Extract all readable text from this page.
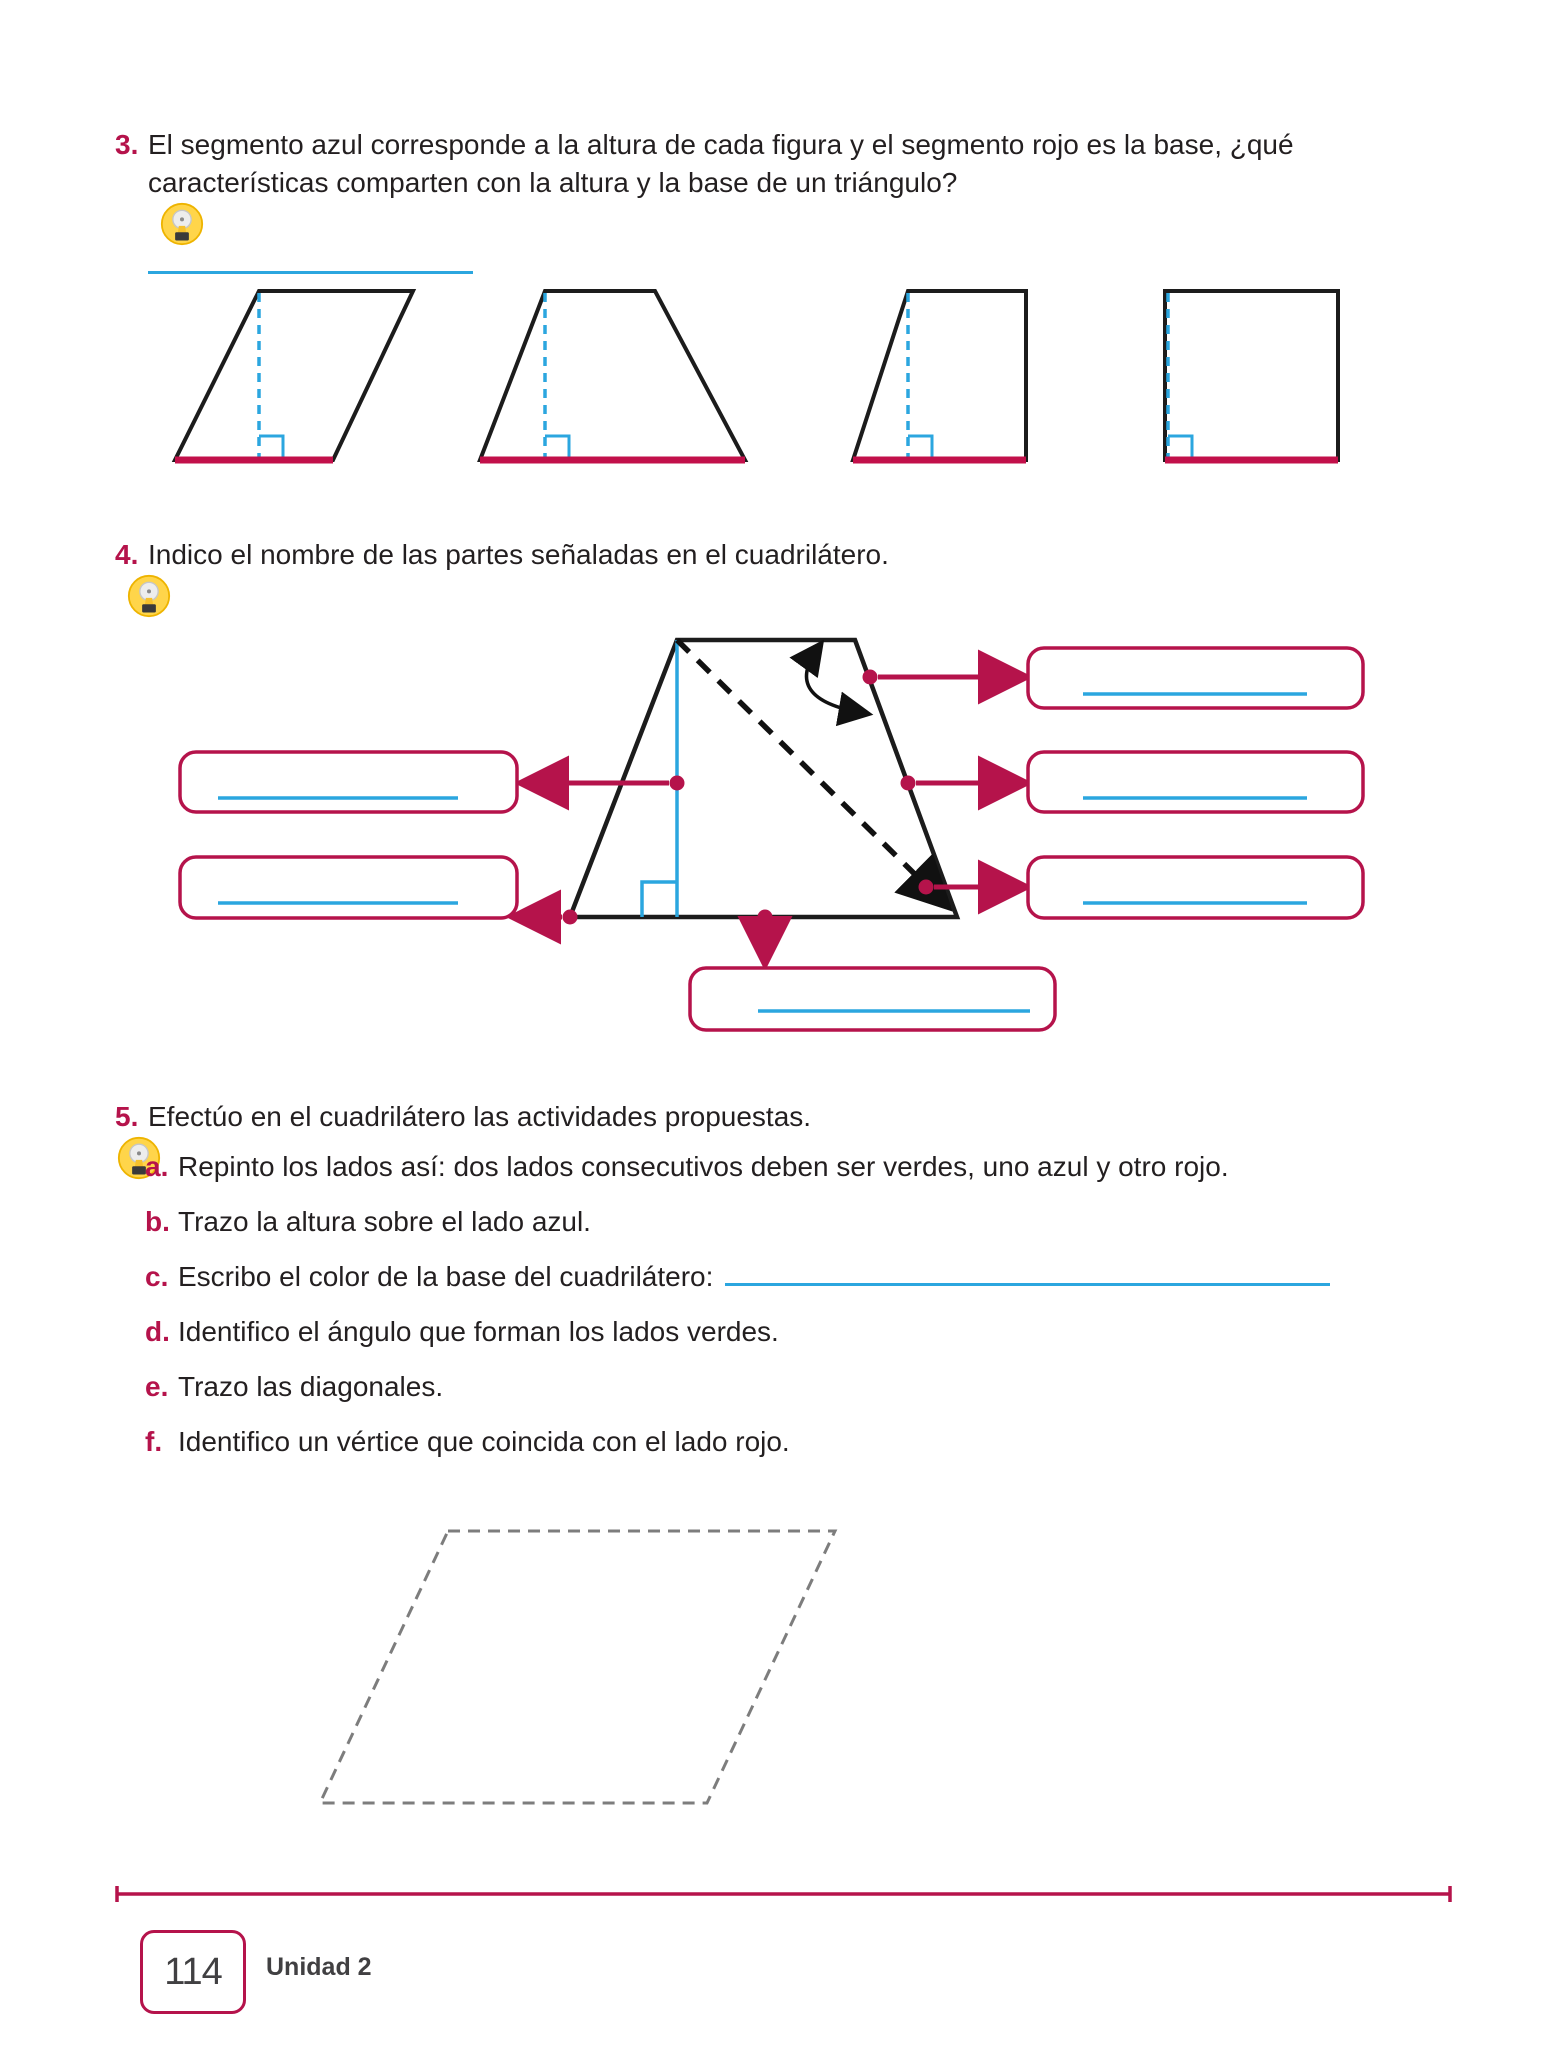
3. El segmento azul corresponde a la altura de cada figura y el segmento rojo es la base, ¿qué
características comparten con la altura y la base de un triángulo?
4. Indico el nombre de las partes señaladas en el cuadrilátero.
5. Efectúo en el cuadrilátero las actividades propuestas.
a. Repinto los lados así: dos lados consecutivos deben ser verdes, uno azul y otro rojo.
b. Trazo la altura sobre el lado azul.
c. Escribo el color de la base del cuadrilátero:
d. Identifico el ángulo que forman los lados verdes.
e. Trazo las diagonales.
f. Identifico un vértice que coincida con el lado rojo.
114 Unidad 2
